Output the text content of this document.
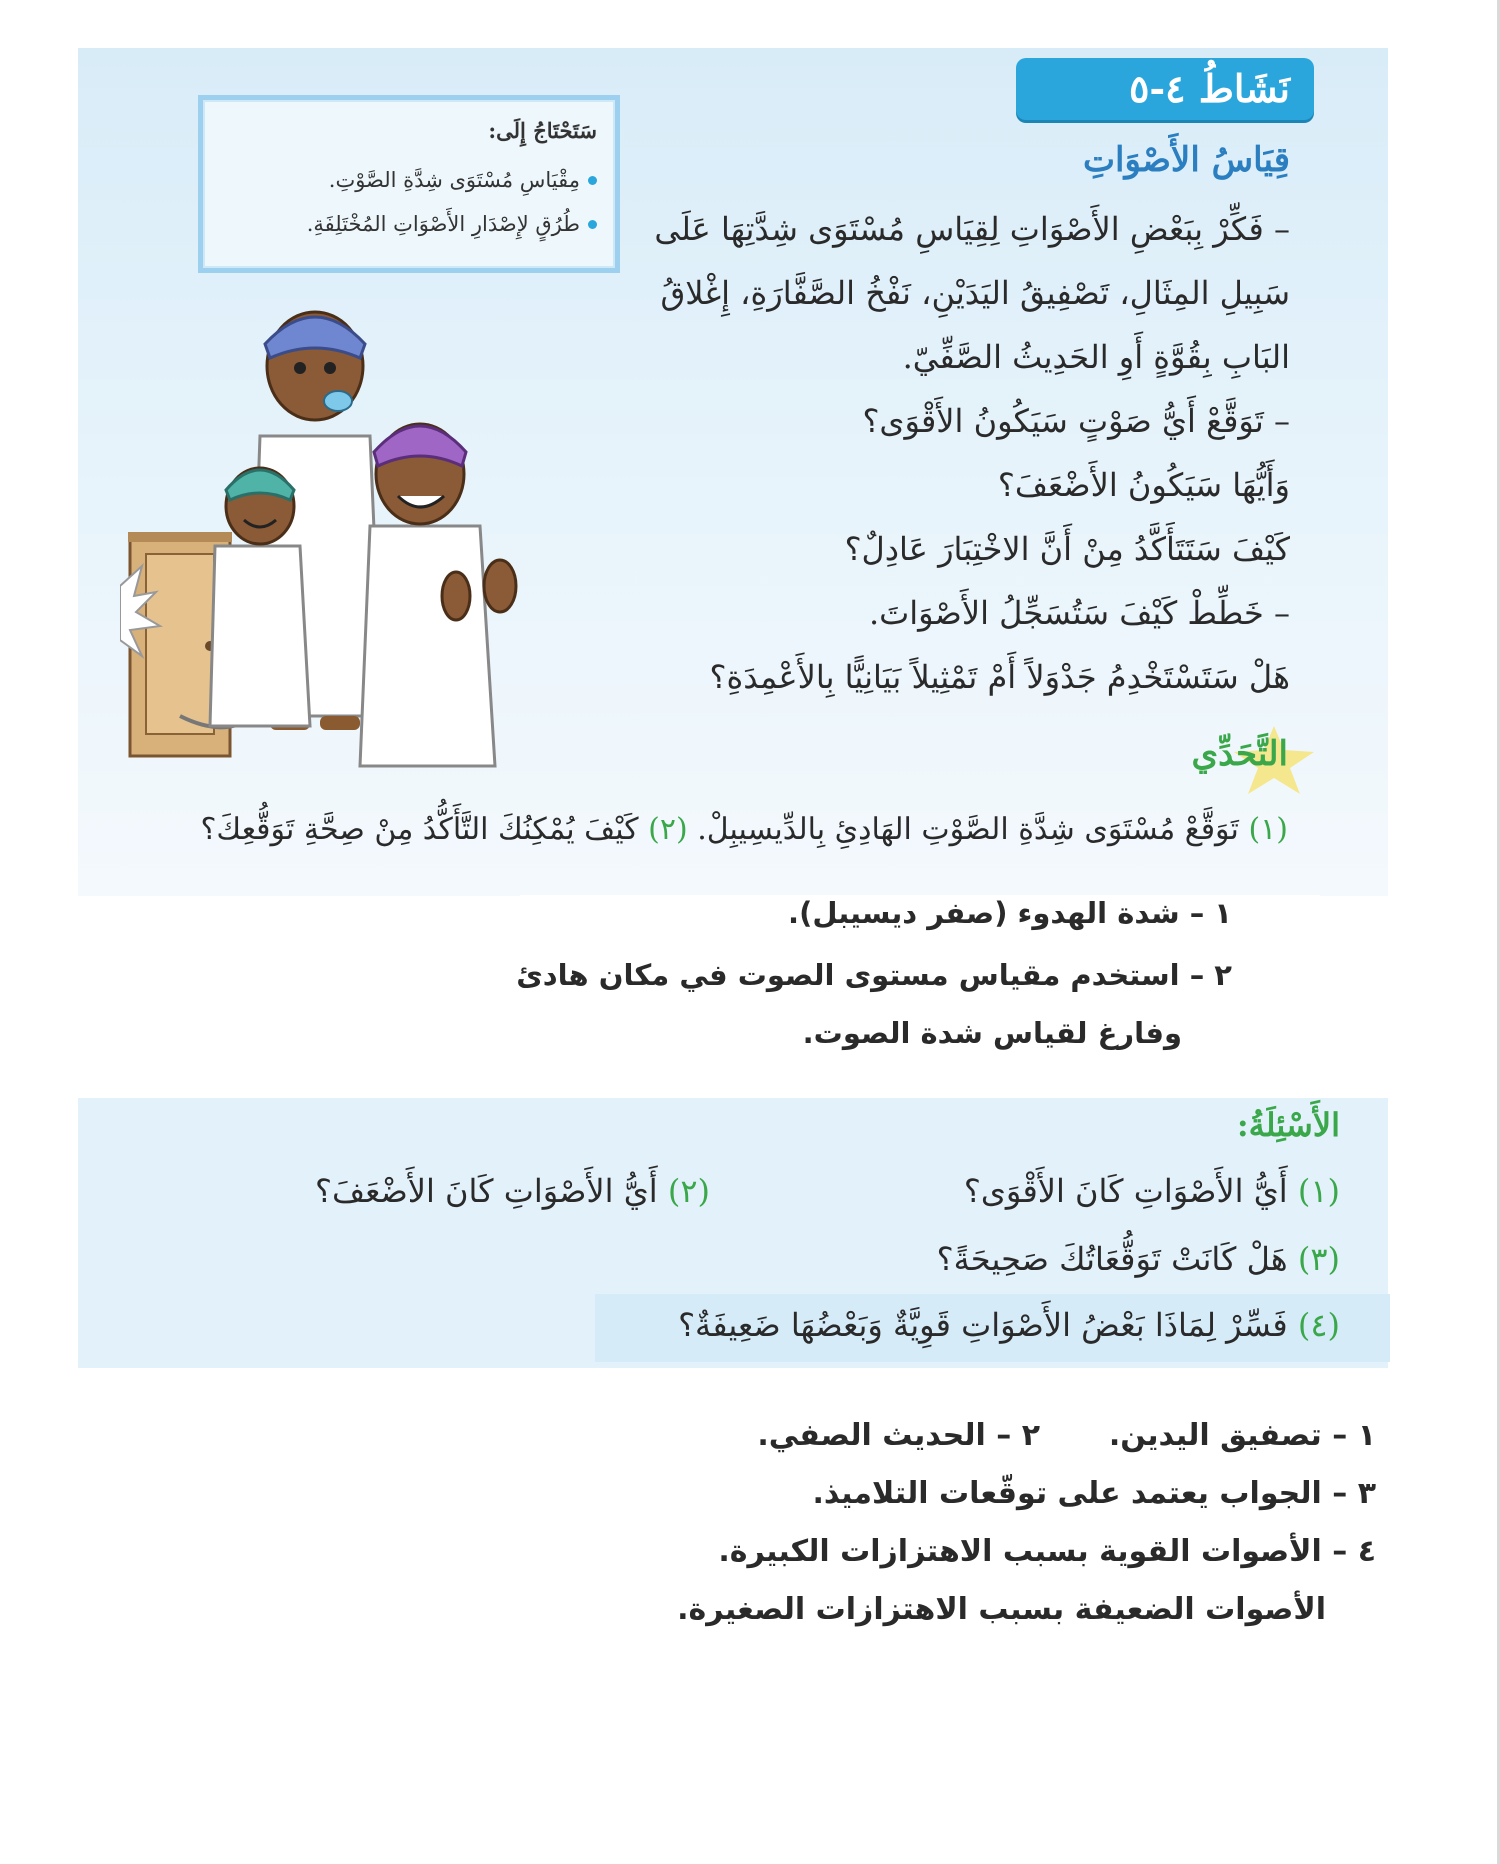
نَشَاطُ ٤-٥
قِيَاسُ الأَصْوَاتِ
– فَكِّرْ بِبَعْضِ الأَصْوَاتِ لِقِيَاسِ مُسْتَوَى شِدَّتِهَا عَلَى
سَبِيلِ المِثَالِ، تَصْفِيقُ اليَدَيْنِ، نَفْخُ الصَّفَّارَةِ، إِغْلاقُ
البَابِ بِقُوَّةٍ أَوِ الحَدِيثُ الصَّفِّيّ.
– تَوَقَّعْ أَيُّ صَوْتٍ سَيَكُونُ الأَقْوَى؟
وَأَيُّهَا سَيَكُونُ الأَضْعَفَ؟
كَيْفَ سَتَتَأَكَّدُ مِنْ أَنَّ الاخْتِبَارَ عَادِلٌ؟
– خَطِّطْ كَيْفَ سَتُسَجِّلُ الأَصْوَاتَ.
هَلْ سَتَسْتَخْدِمُ جَدْوَلاً أَمْ تَمْثِيلاً بَيَانِيًّا بِالأَعْمِدَةِ؟
سَتَحْتَاجُ إِلَى:
مِقْيَاسِ مُسْتَوَى شِدَّةِ الصَّوْتِ.
طُرُقٍ لإِصْدَارِ الأَصْوَاتِ المُخْتَلِفَةِ.
التَّحَدِّي
(١) تَوَقَّعْ مُسْتَوَى شِدَّةِ الصَّوْتِ الهَادِئِ بِالدِّيسِيبِلْ. (٢) كَيْفَ يُمْكِنُكَ التَّأَكُّدُ مِنْ صِحَّةِ تَوَقُّعِكَ؟
١ – شدة الهدوء (صفر ديسيبل).
٢ – استخدم مقياس مستوى الصوت في مكان هادئ
وفارغ لقياس شدة الصوت.
الأَسْئِلَةُ:
(١) أَيُّ الأَصْوَاتِ كَانَ الأَقْوَى؟
(٢) أَيُّ الأَصْوَاتِ كَانَ الأَضْعَفَ؟
(٣) هَلْ كَانَتْ تَوَقُّعَاتُكَ صَحِيحَةً؟
(٤) فَسِّرْ لِمَاذَا بَعْضُ الأَصْوَاتِ قَوِيَّةٌ وَبَعْضُهَا ضَعِيفَةٌ؟
١ – تصفيق اليدين.
٢ – الحديث الصفي.
٣ – الجواب يعتمد على توقّعات التلاميذ.
٤ – الأصوات القوية بسبب الاهتزازات الكبيرة.
الأصوات الضعيفة بسبب الاهتزازات الصغيرة.
